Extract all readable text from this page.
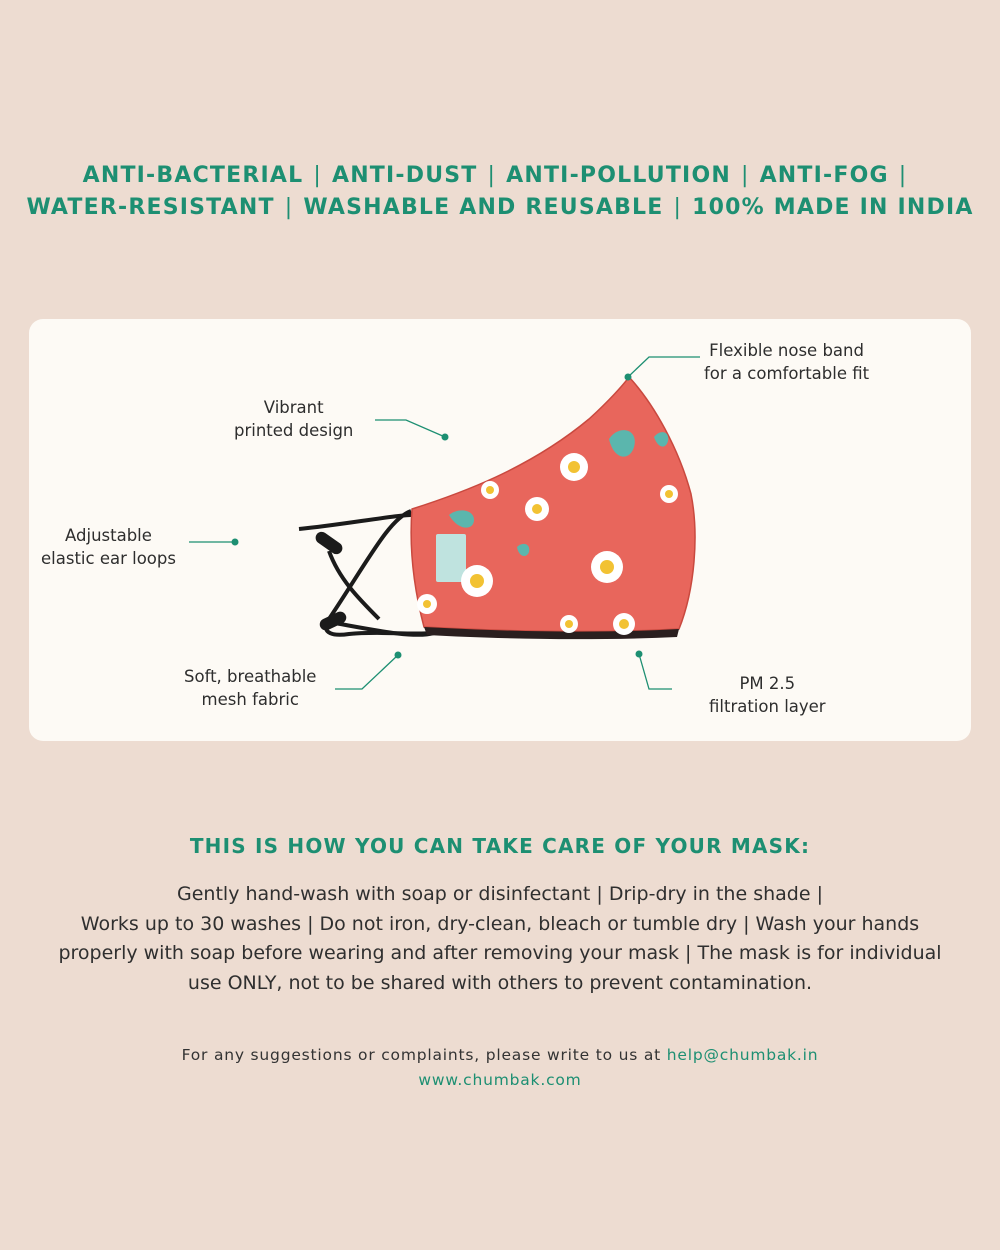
ANTI-BACTERIAL | ANTI-DUST | ANTI-POLLUTION | ANTI-FOG |
WATER-RESISTANT | WASHABLE AND REUSABLE | 100% MADE IN INDIA
Flexible nose band
for a comfortable fit
Vibrant
printed design
Adjustable
elastic ear loops
Soft, breathable
mesh fabric
PM 2.5
filtration layer
THIS IS HOW YOU CAN TAKE CARE OF YOUR MASK:
Gently hand-wash with soap or disinfectant | Drip-dry in the shade |
Works up to 30 washes | Do not iron, dry-clean, bleach or tumble dry | Wash your hands
properly with soap before wearing and after removing your mask | The mask is for individual
use ONLY, not to be shared with others to prevent contamination.
For any suggestions or complaints, please write to us at help@chumbak.in
www.chumbak.com
